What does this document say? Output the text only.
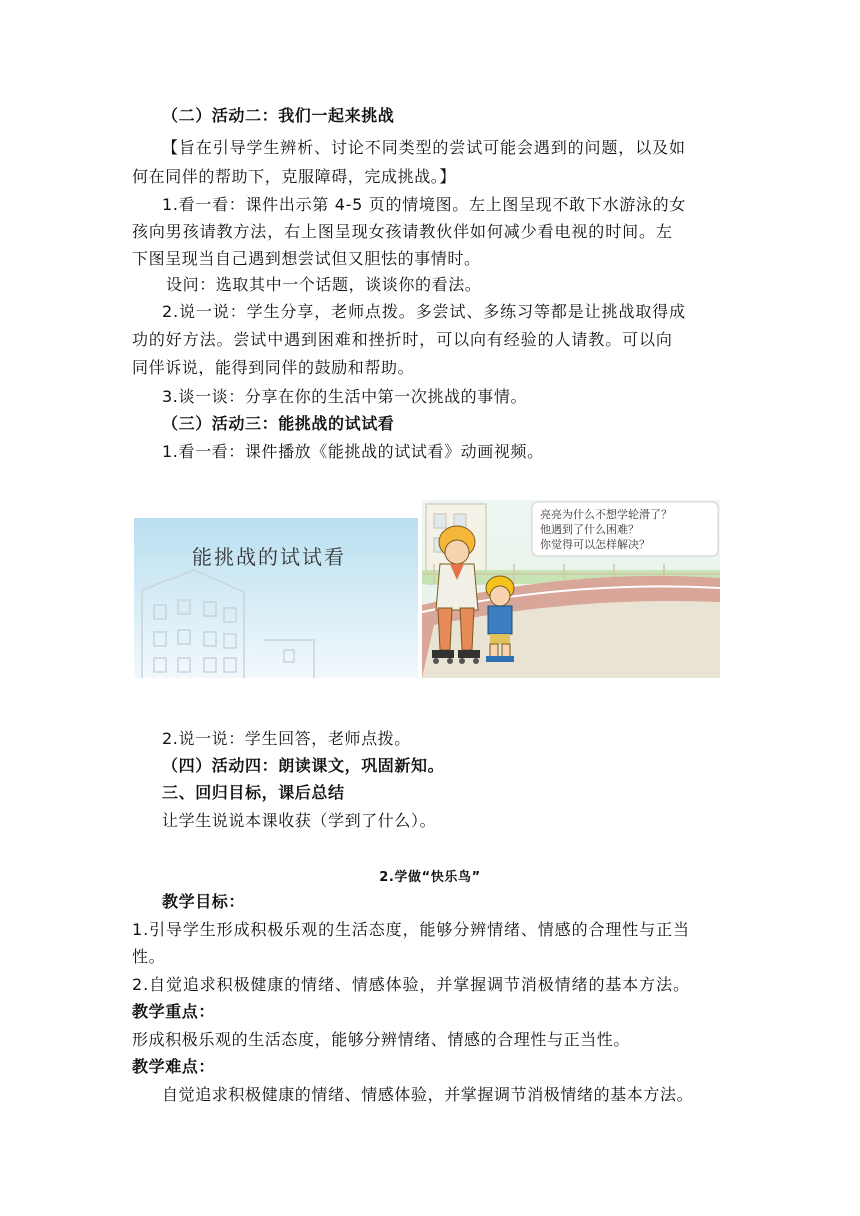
（二）活动二：我们一起来挑战
【旨在引导学生辨析、讨论不同类型的尝试可能会遇到的问题，以及如
何在同伴的帮助下，克服障碍，完成挑战。】
1.看一看：课件出示第 4-5 页的情境图。左上图呈现不敢下水游泳的女
孩向男孩请教方法，右上图呈现女孩请教伙伴如何减少看电视的时间。左
下图呈现当自己遇到想尝试但又胆怯的事情时。
设问：选取其中一个话题，谈谈你的看法。
2.说一说：学生分享，老师点拨。多尝试、多练习等都是让挑战取得成
功的好方法。尝试中遇到困难和挫折时，可以向有经验的人请教。可以向
同伴诉说，能得到同伴的鼓励和帮助。
3.谈一谈：分享在你的生活中第一次挑战的事情。
（三）活动三：能挑战的试试看
1.看一看：课件播放《能挑战的试试看》动画视频。
能挑战的试试看
亮亮为什么不想学轮滑了？
他遇到了什么困难？
你觉得可以怎样解决？
2.说一说：学生回答，老师点拨。
（四）活动四：朗读课文，巩固新知。
三、回归目标，课后总结
让学生说说本课收获（学到了什么）。
2.学做“快乐鸟”
教学目标：
1.引导学生形成积极乐观的生活态度，能够分辨情绪、情感的合理性与正当
性。
2.自觉追求积极健康的情绪、情感体验，并掌握调节消极情绪的基本方法。
教学重点：
形成积极乐观的生活态度，能够分辨情绪、情感的合理性与正当性。
教学难点：
自觉追求积极健康的情绪、情感体验，并掌握调节消极情绪的基本方法。
